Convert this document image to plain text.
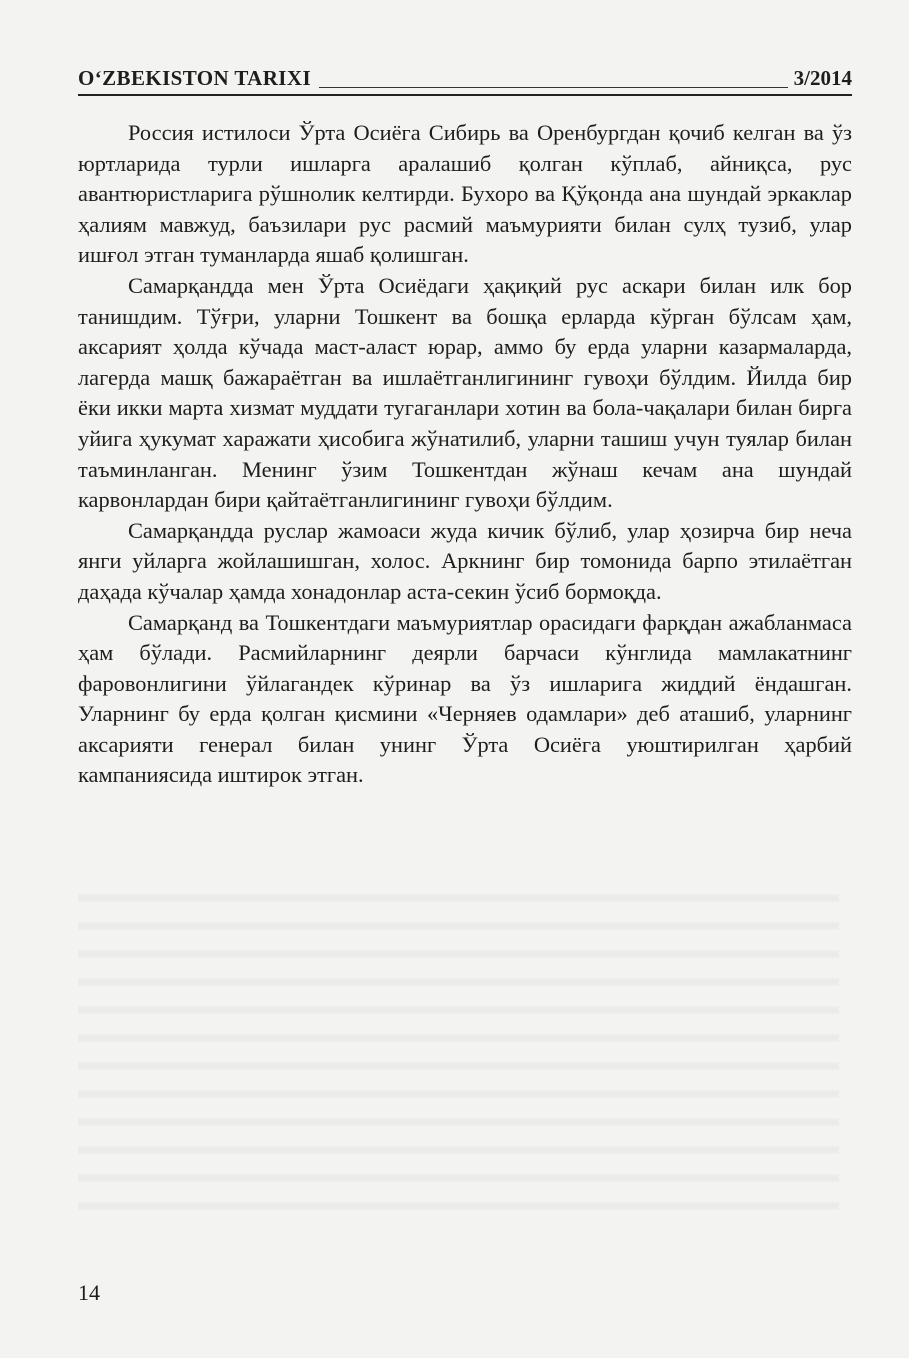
O‘ZBEKISTON TARIXI	3/2014

Россия истилоси Ўрта Осиёга Сибирь ва Оренбургдан қочиб келган ва ўз юртларида турли ишларга аралашиб қолган кўплаб, айниқса, рус авантюристларига рўшнолик келтирди. Бухоро ва Қўқонда ана шундай эркаклар ҳалиям мавжуд, баъзилари рус расмий маъмурияти билан сулҳ тузиб, улар ишғол этган туманларда яшаб қолишган.

Самарқандда мен Ўрта Осиёдаги ҳақиқий рус аскари билан илк бор танишдим. Тўғри, уларни Тошкент ва бошқа ерларда кўрган бўлсам ҳам, аксарият ҳолда кўчада маст-аласт юрар, аммо бу ерда уларни казармаларда, лагерда машқ бажараётган ва ишлаётганлигининг гувоҳи бўлдим. Йилда бир ёки икки марта хизмат муддати тугаганлари хотин ва бола-чақалари билан бирга уйига ҳукумат харажати ҳисобига жўнатилиб, уларни ташиш учун туялар билан таъминланган. Менинг ўзим Тошкентдан жўнаш кечам ана шундай карвонлардан бири қайтаётганлигининг гувоҳи бўлдим.

Самарқандда руслар жамоаси жуда кичик бўлиб, улар ҳозирча бир неча янги уйларга жойлашишган, холос. Аркнинг бир томонида барпо этилаётган даҳада кўчалар ҳамда хонадонлар аста-секин ўсиб бормоқда.

Самарқанд ва Тошкентдаги маъмуриятлар орасидаги фарқдан ажабланмаса ҳам бўлади. Расмийларнинг деярли барчаси кўнглида мамлакатнинг фаровонлигини ўйлагандек кўринар ва ўз ишларига жиддий ёндашган. Уларнинг бу ерда қолган қисмини «Черняев одамлари» деб аташиб, уларнинг аксарияти генерал билан унинг Ўрта Осиёга уюштирилган ҳарбий кампаниясида иштирок этган.

14
